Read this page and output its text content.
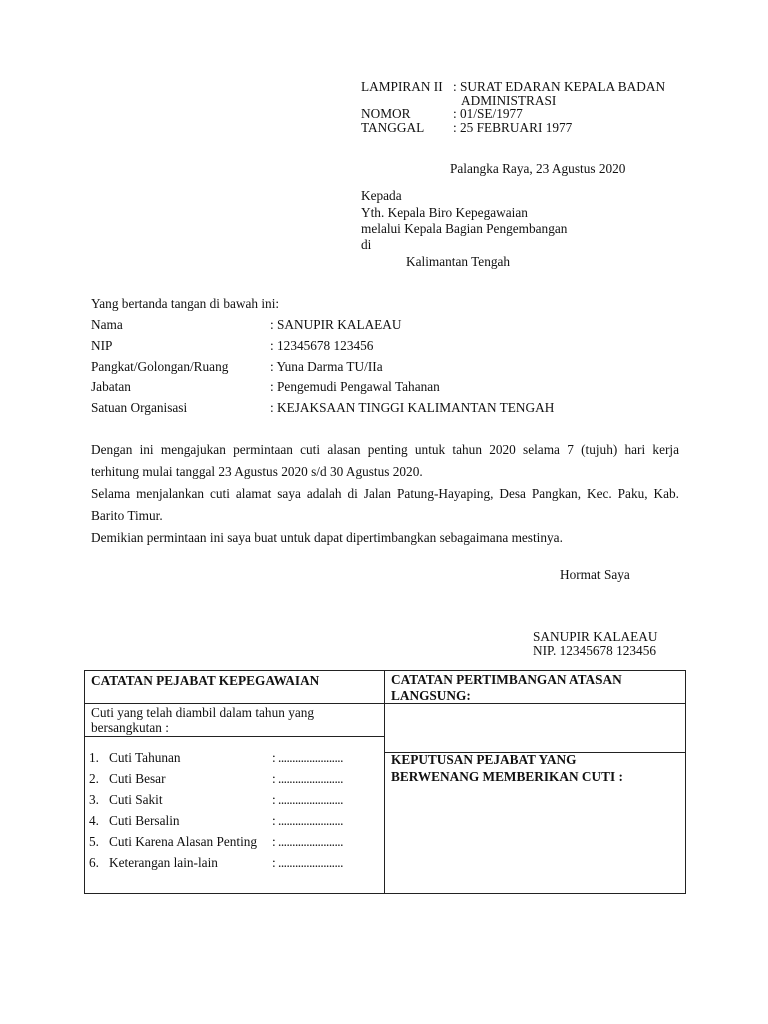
LAMPIRAN II : SURAT EDARAN KEPALA BADAN
ADMINISTRASI
NOMOR	: 01/SE/1977
TANGGAL	: 25 FEBRUARI 1977
Palangka Raya, 23 Agustus 2020
Kepada
Yth. Kepala Biro Kepegawaian
melalui Kepala Bagian Pengembangan
di
Kalimantan Tengah
Yang bertanda tangan di bawah ini:
Nama	: SANUPIR KALAEAU
NIP	: 12345678 123456
Pangkat/Golongan/Ruang	: Yuna Darma TU/IIa
Jabatan	: Pengemudi Pengawal Tahanan
Satuan Organisasi	: KEJAKSAAN TINGGI KALIMANTAN TENGAH

Dengan ini mengajukan permintaan cuti alasan penting untuk tahun 2020 selama 7 (tujuh) hari kerja

terhitung mulai tanggal 23 Agustus 2020 s/d 30 Agustus 2020.

Selama menjalankan cuti alamat saya adalah di Jalan Patung-Hayaping, Desa Pangkan, Kec. Paku, Kab.

Barito Timur.

Demikian permintaan ini saya buat untuk dapat dipertimbangkan sebagaimana mestinya.

Hormat Saya
SANUPIR KALAEAU
NIP. 12345678 123456
CATATAN PEJABAT KEPEGAWAIAN	CATATAN PERTIMBANGAN ATASAN
LANGSUNG:
Cuti yang telah diambil dalam tahun yang
bersangkutan :
1. Cuti Tahunan	: .......................
2. Cuti Besar	: .......................
3. Cuti Sakit	: .......................
4. Cuti Bersalin	: .......................
5. Cuti Karena Alasan Penting : .......................
6. Keterangan lain-lain	: .......................
KEPUTUSAN PEJABAT YANG
BERWENANG MEMBERIKAN CUTI :
